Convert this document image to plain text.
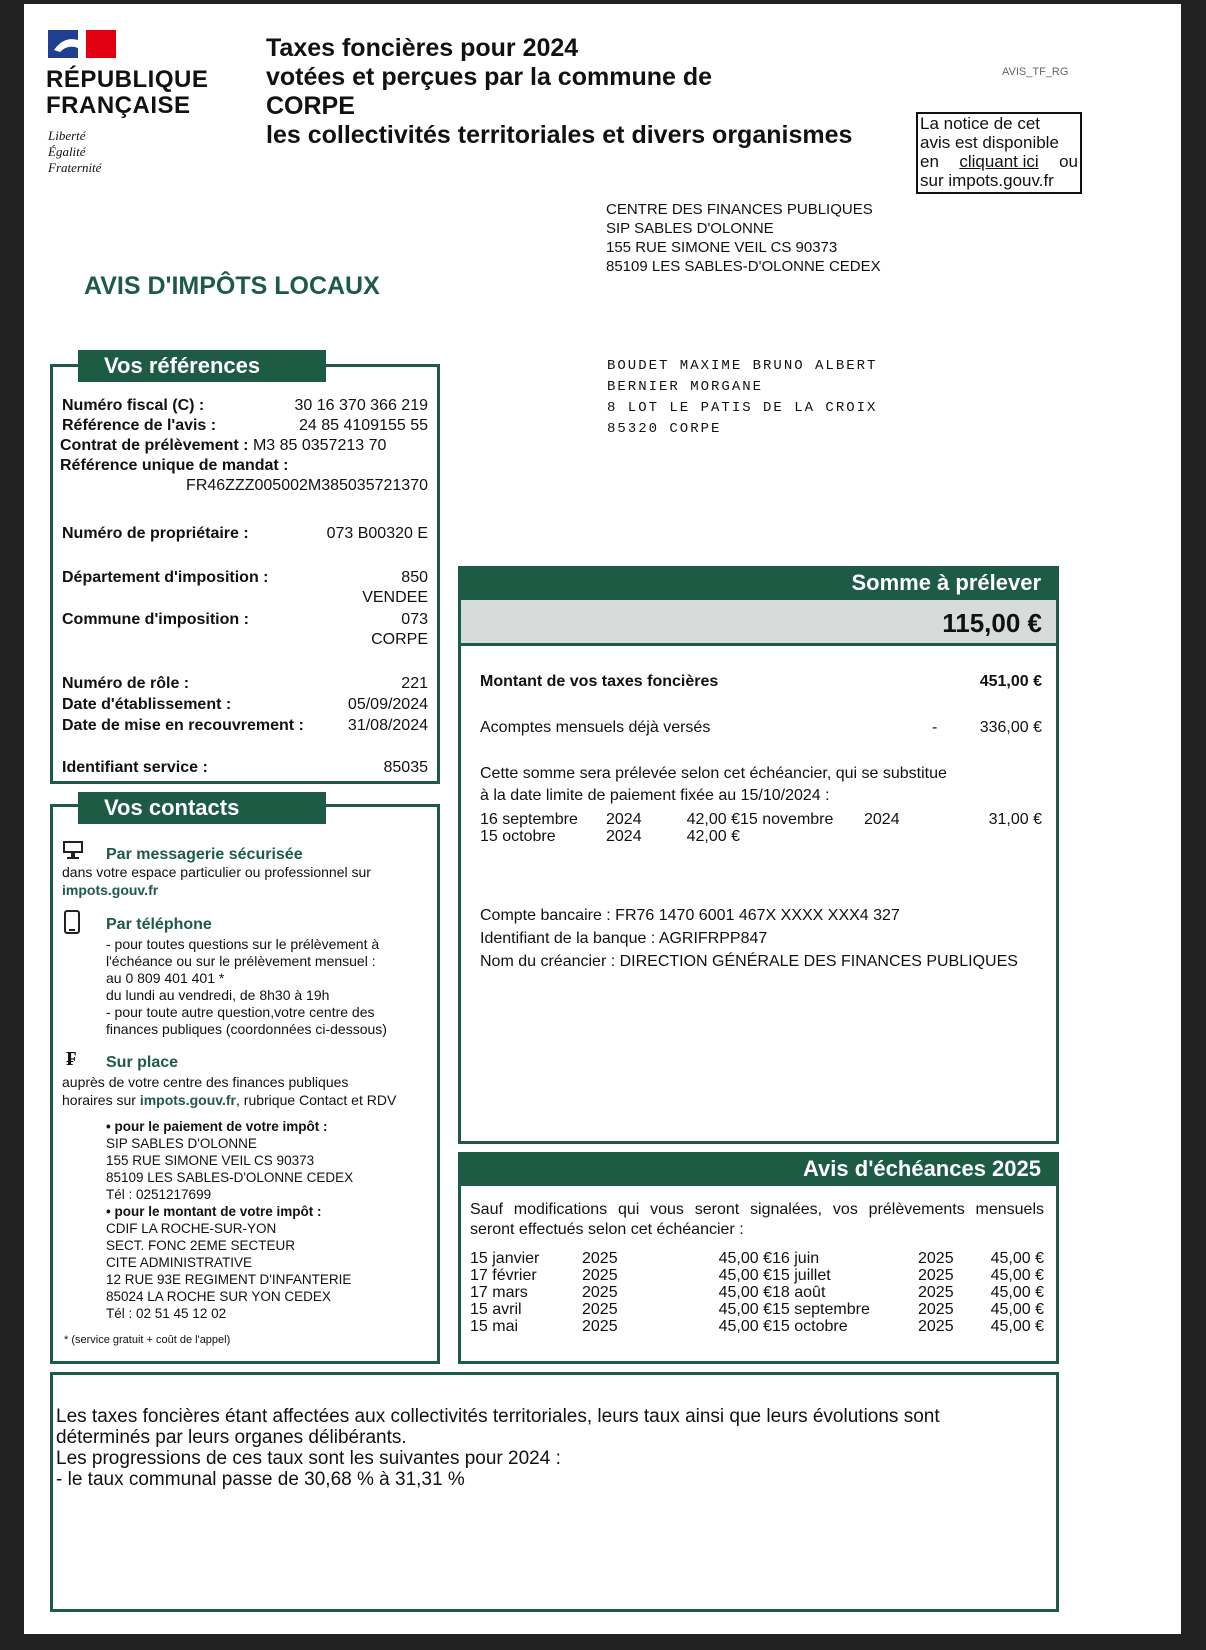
RÉPUBLIQUE
FRANÇAISE
Liberté
Égalité
Fraternité
Taxes foncières pour 2024
votées et perçues par la commune de
CORPE
les collectivités territoriales et divers organismes
AVIS_TF_RG
La notice de cet
avis est disponible
en cliquant ici ou
sur impots.gouv.fr
CENTRE DES FINANCES PUBLIQUES
SIP SABLES D'OLONNE
155 RUE SIMONE VEIL CS 90373
85109 LES SABLES-D'OLONNE CEDEX
AVIS D'IMPÔTS LOCAUX
BOUDET MAXIME BRUNO ALBERT
BERNIER MORGANE
8 LOT LE PATIS DE LA CROIX
85320 CORPE
Vos références
Numéro fiscal (C) :	30 16 370 366 219
Référence de l'avis :	24 85 4109155 55
Contrat de prélèvement : M3 85 0357213 70
Référence unique de mandat :
FR46ZZZ005002M385035721370
Numéro de propriétaire :	073 B00320 E
Département d'imposition :	850
VENDEE
Commune d'imposition :	073
CORPE
Numéro de rôle :	221
Date d'établissement :	05/09/2024
Date de mise en recouvrement :	31/08/2024
Identifiant service :	85035
Vos contacts
Par messagerie sécurisée
dans votre espace particulier ou professionnel sur
impots.gouv.fr
Par téléphone
- pour toutes questions sur le prélèvement à
l'échéance ou sur le prélèvement mensuel :
au 0 809 401 401 *
du lundi au vendredi, de 8h30 à 19h
- pour toute autre question,votre centre des
finances publiques (coordonnées ci-dessous)
₣ Sur place
auprès de votre centre des finances publiques
horaires sur impots.gouv.fr, rubrique Contact et RDV
• pour le paiement de votre impôt :
SIP SABLES D'OLONNE
155 RUE SIMONE VEIL CS 90373
85109 LES SABLES-D'OLONNE CEDEX
Tél : 0251217699
• pour le montant de votre impôt :
CDIF LA ROCHE-SUR-YON
SECT. FONC 2EME SECTEUR
CITE ADMINISTRATIVE
12 RUE 93E REGIMENT D'INFANTERIE
85024 LA ROCHE SUR YON CEDEX
Tél : 02 51 45 12 02
* (service gratuit + coût de l'appel)
Somme à prélever
115,00 €
Montant de vos taxes foncières	451,00 €
Acomptes mensuels déjà versés	-	336,00 €
Cette somme sera prélevée selon cet échéancier, qui se substitue
à la date limite de paiement fixée au 15/10/2024 :
16 septembre	2024	42,00 €	15 novembre	2024	31,00 €
15 octobre	2024	42,00 €			
Compte bancaire : FR76 1470 6001 467X XXXX XXX4 327
Identifiant de la banque : AGRIFRPP847
Nom du créancier : DIRECTION GÉNÉRALE DES FINANCES PUBLIQUES
Avis d'échéances 2025
Sauf modifications qui vous seront signalées, vos prélèvements mensuels
seront effectués selon cet échéancier :
15 janvier	2025	45,00 €	16 juin	2025	45,00 €
17 février	2025	45,00 €	15 juillet	2025	45,00 €
17 mars	2025	45,00 €	18 août	2025	45,00 €
15 avril	2025	45,00 €	15 septembre	2025	45,00 €
15 mai	2025	45,00 €	15 octobre	2025	45,00 €
Les taxes foncières étant affectées aux collectivités territoriales, leurs taux ainsi que leurs évolutions sont
déterminés par leurs organes délibérants.
Les progressions de ces taux sont les suivantes pour 2024 :
- le taux communal passe de 30,68 % à 31,31 %
